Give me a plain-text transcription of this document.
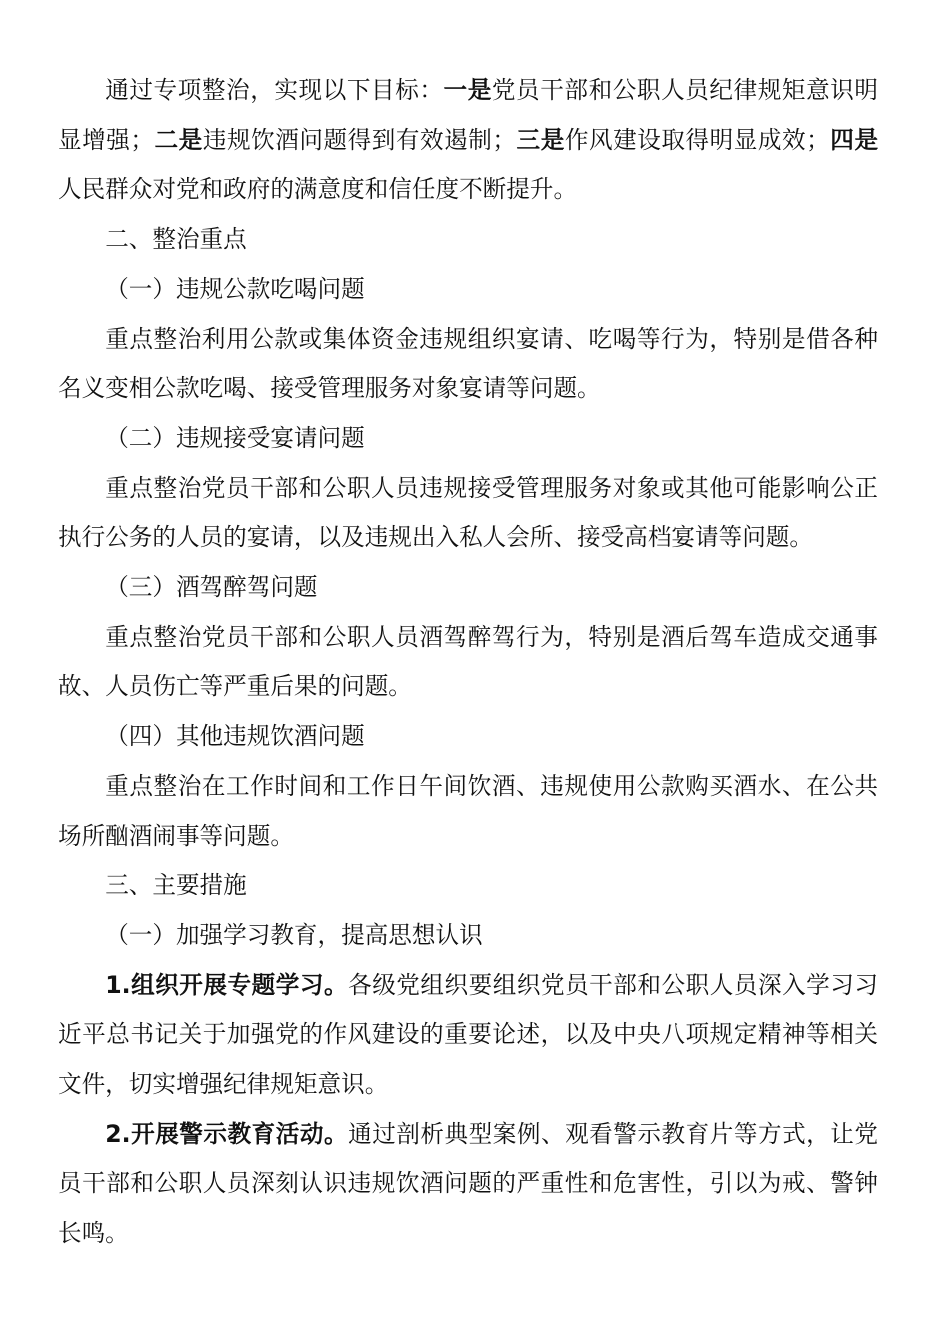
通过专项整治，实现以下目标：一是党员干部和公职人员纪律规矩意识明显增强；二是违规饮酒问题得到有效遏制；三是作风建设取得明显成效；四是人民群众对党和政府的满意度和信任度不断提升。

二、整治重点

（一）违规公款吃喝问题

重点整治利用公款或集体资金违规组织宴请、吃喝等行为，特别是借各种名义变相公款吃喝、接受管理服务对象宴请等问题。

（二）违规接受宴请问题

重点整治党员干部和公职人员违规接受管理服务对象或其他可能影响公正执行公务的人员的宴请，以及违规出入私人会所、接受高档宴请等问题。

（三）酒驾醉驾问题

重点整治党员干部和公职人员酒驾醉驾行为，特别是酒后驾车造成交通事故、人员伤亡等严重后果的问题。

（四）其他违规饮酒问题

重点整治在工作时间和工作日午间饮酒、违规使用公款购买酒水、在公共场所酗酒闹事等问题。

三、主要措施

（一）加强学习教育，提高思想认识

1.组织开展专题学习。各级党组织要组织党员干部和公职人员深入学习习近平总书记关于加强党的作风建设的重要论述，以及中央八项规定精神等相关文件，切实增强纪律规矩意识。

2.开展警示教育活动。通过剖析典型案例、观看警示教育片等方式，让党员干部和公职人员深刻认识违规饮酒问题的严重性和危害性，引以为戒、警钟长鸣。
